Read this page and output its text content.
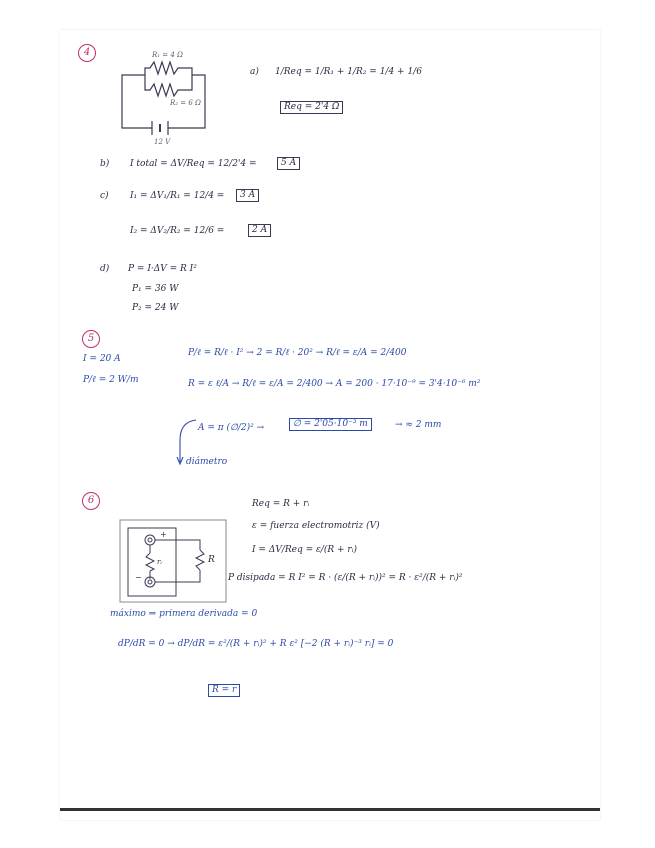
4	R₁ = 4 Ω
R₂ = 6 Ω
12 V
a) 1/Req = 1/R₁ + 1/R₂ = 1/4 + 1/6
Req = 2'4 Ω
b) I total = ΔV/Req = 12/2'4 =	5 A
c) I₁ = ΔV₁/R₁ = 12/4 =	3 A
I₂ = ΔV₂/R₂ = 12/6 =	2 A
d) P = I·ΔV = R I²
P₁ = 36 W
P₂ = 24 W
5
I = 20 A
P/ℓ = 2 W/m
P/ℓ = R/ℓ · I² → 2 = R/ℓ · 20² → R/ℓ = ε/A = 2/400
R = ε ℓ/A → R/ℓ = ε/A = 2/400 → A = 200 · 17·10⁻⁹ = 3'4·10⁻⁶ m²
A = π (∅/2)² →	∅ = 2'05·10⁻³ m	→ ≈ 2 mm
diámetro
6
R
rᵢ
+
−
Req = R + rᵢ
ε = fuerza electromotriz (V)
I = ΔV/Req = ε/(R + rᵢ)
P disipada = R I² = R · (ε/(R + rᵢ))² = R · ε²/(R + rᵢ)²
máximo ⇒ primera derivada = 0
dP/dR = 0 → dP/dR = ε²/(R + rᵢ)² + R ε² [−2 (R + rᵢ)⁻³ rᵢ] = 0
R = r
